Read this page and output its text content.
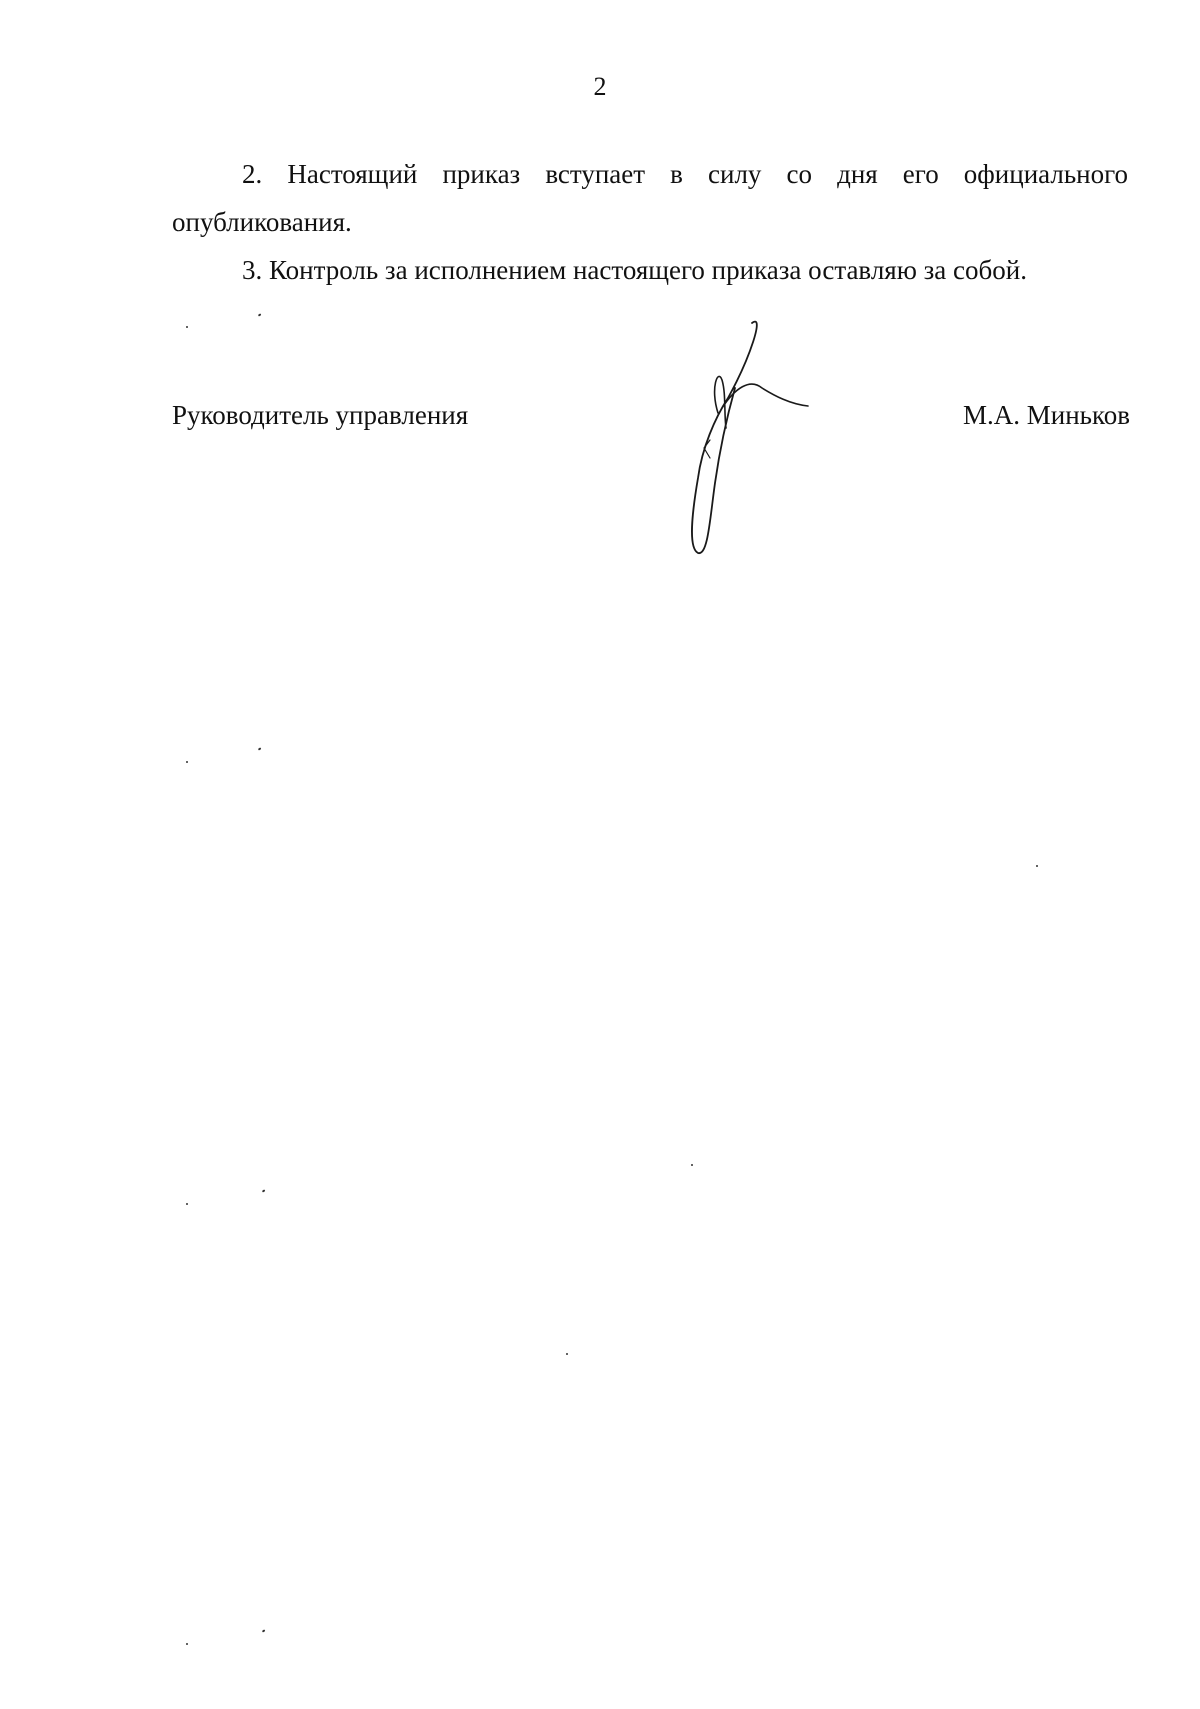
2

2. Настоящий приказ вступает в силу со дня его официального опубликования.

3. Контроль за исполнением настоящего приказа оставляю за собой.

Руководитель управления	М.А. Миньков
